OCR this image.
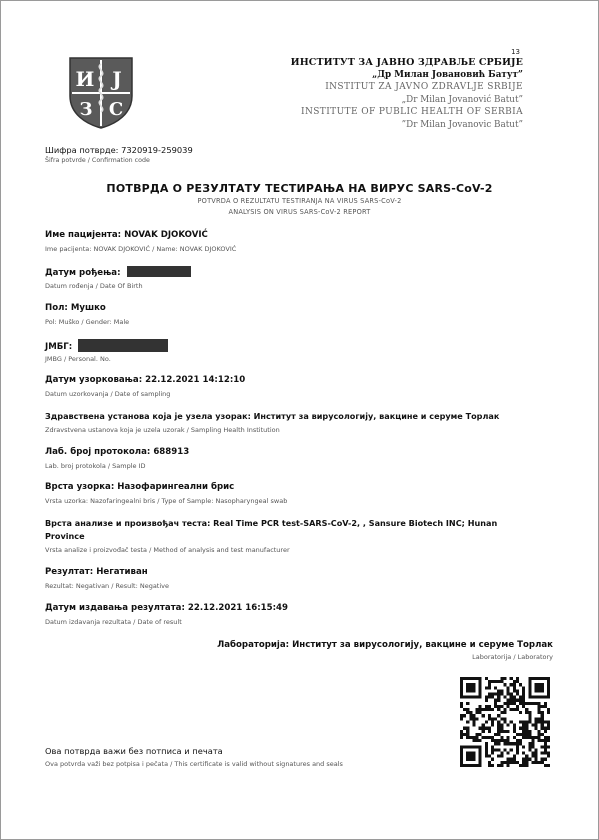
13
И Ј
З С
ИНСТИТУТ ЗА ЈАВНО ЗДРАВЉЕ СРБИЈЕ
„Др Милан Јовановић Батут”
INSTITUT ZA JAVNO ZDRAVLJE SRBIJE
„Dr Milan Jovanović Batut”
INSTITUTE OF PUBLIC HEALTH OF SERBIA
”Dr Milan Jovanovic Batut”
Шифра потврде: 7320919-259039
Šifra potvrde / Confirmation code
ПОТВРДА О РЕЗУЛТАТУ ТЕСТИРАЊА НА ВИРУС SARS-CoV-2
POTVRDA O REZULTATU TESTIRANJA NA VIRUS SARS-CoV-2
ANALYSIS ON VIRUS SARS-CoV-2 REPORT
Име пацијента: NOVAK DJOKOVIĆ
Ime pacijenta: NOVAK DJOKOVIĆ / Name: NOVAK DJOKOVIĆ
Датум рођења:
Datum rođenja / Date Of Birth
Пол: Мушко
Pol: Muško / Gender: Male
ЈМБГ:
JMBG / Personal. No.
Датум узорковања: 22.12.2021 14:12:10
Datum uzorkovanja / Date of sampling
Здравствена установа која је узела узорак: Институт за вирусологију, вакцине и серуме Торлак
Zdravstvena ustanova koja je uzela uzorak / Sampling Health Institution
Лаб. број протокола: 688913
Lab. broj protokola / Sample ID
Врста узорка: Назофарингеални брис
Vrsta uzorka: Nazofaringealni bris / Type of Sample: Nasopharyngeal swab
Врста анализе и произвођач теста: Real Time PCR test-SARS-CoV-2, , Sansure Biotech INC; Hunan
Province
Vrsta analize i proizvođač testa / Method of analysis and test manufacturer
Резултат: Негативан
Rezultat: Negativan / Result: Negative
Датум издавања резултата: 22.12.2021 16:15:49
Datum izdavanja rezultata / Date of result
Лабораторија: Институт за вирусологију, вакцине и серуме Торлак
Laboratorija / Laboratory
Ова потврда важи без потписа и печата
Ova potvrda važi bez potpisa i pečata / This certificate is valid without signatures and seals
